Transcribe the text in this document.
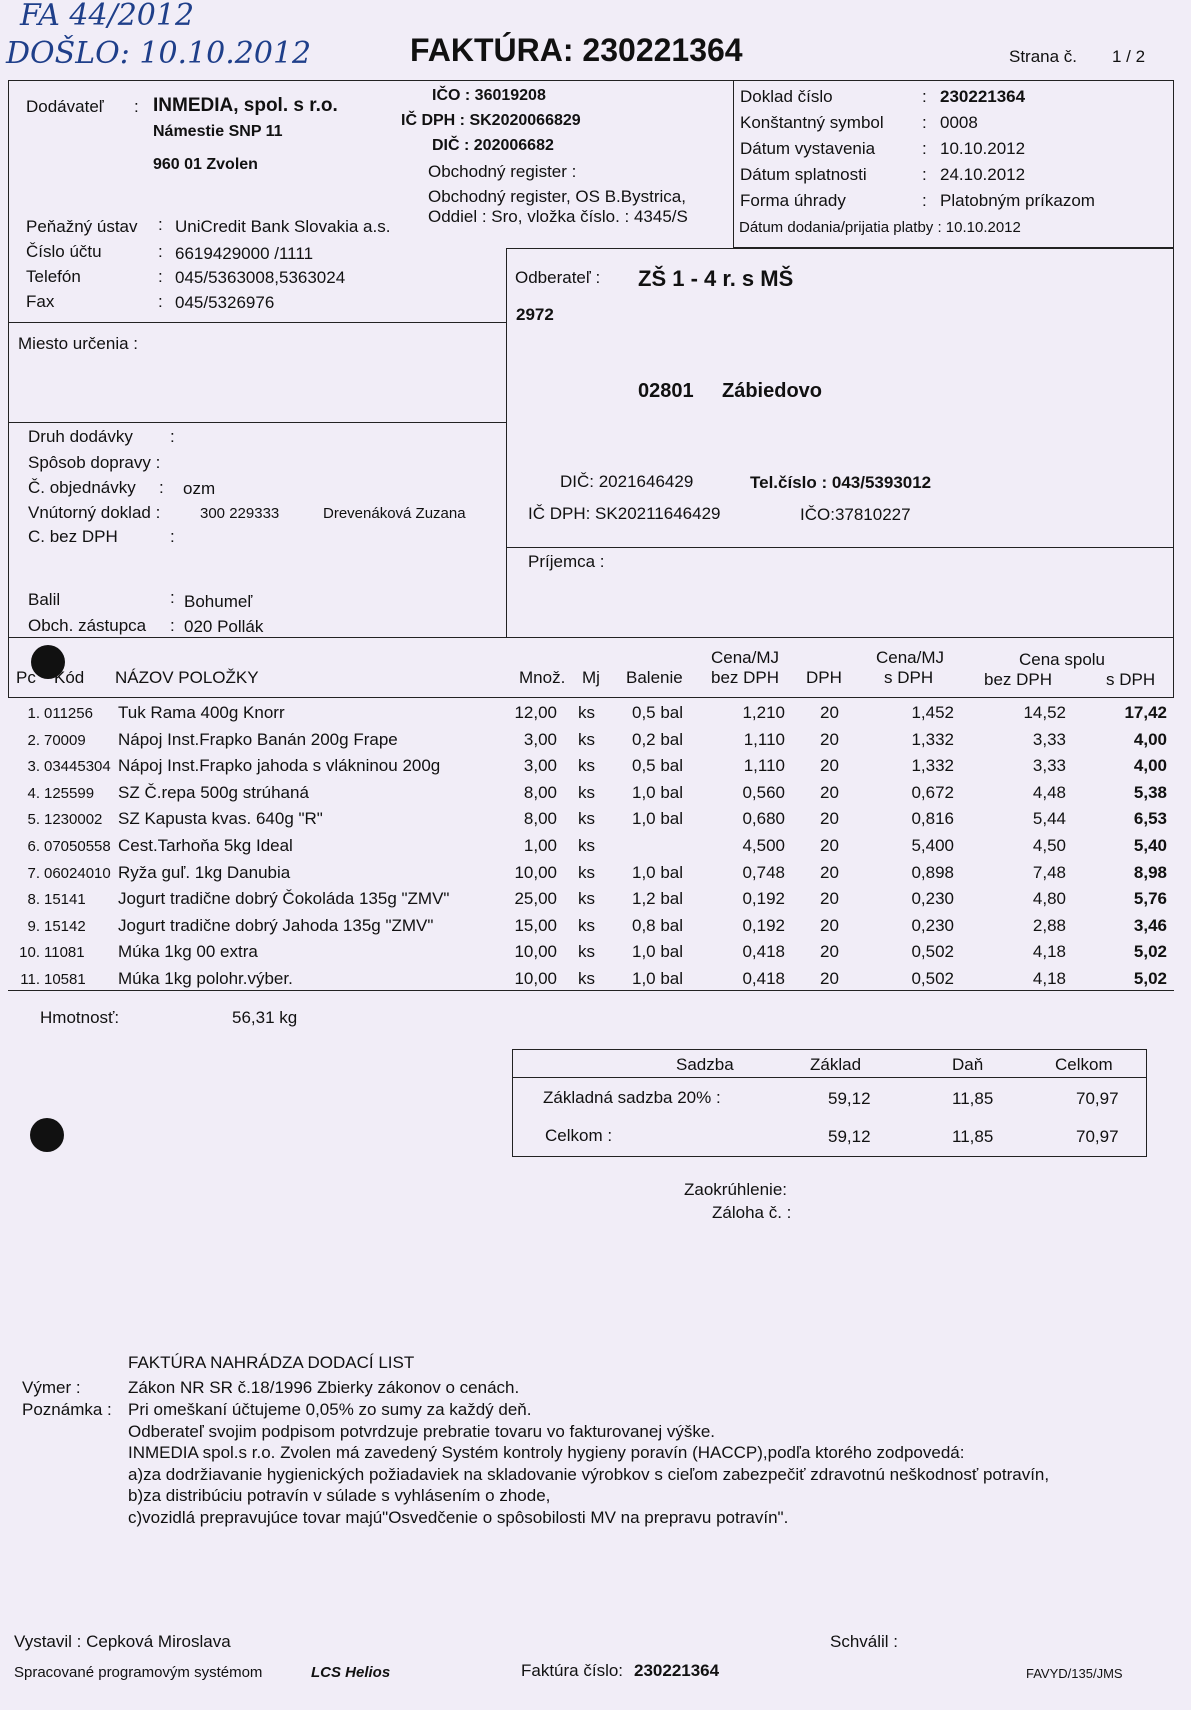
FA 44/2012
DOŠLO: 10.10.2012	FAKTÚRA: 230221364	Strana č. 1 / 2
Dodávateľ : INMEDIA, spol. s r.o.
Námestie SNP 11
960 01 Zvolen
IČO : 36019208
IČ DPH : SK2020066829
DIČ : 202006682
Obchodný register :
Obchodný register, OS B.Bystrica,
Oddiel : Sro, vložka číslo. : 4345/S
Peňažný ústav : UniCredit Bank Slovakia a.s.
Číslo účtu	: 6619429000 /1111
Telefón	: 045/5363008,5363024
Fax	: 045/5326976
Doklad číslo	: 230221364
Konštantný symbol : 0008
Dátum vystavenia	: 10.10.2012
Dátum splatnosti	: 24.10.2012
Forma úhrady	: Platobným príkazom
Dátum dodania/prijatia platby : 10.10.2012
Miesto určenia :
Odberateľ : ZŠ 1 - 4 r. s MŠ
2972
02801 Zábiedovo
DIČ: 2021646429	Tel.číslo : 043/5393012
IČ DPH: SK20211646429	IČO:37810227
Príjemca :
Druh dodávky :
Spôsob dopravy :
Č. objednávky : ozm
Vnútorný doklad :	300 229333	Drevenáková Zuzana
C. bez DPH	:
Balil	: Bohumeľ
Obch. zástupca : 020 Pollák
Pc Kód NÁZOV POLOŽKY	Množ. Mj Balenie
Cena/MJ
bez DPH DPH
Cena/MJ
s DPH
Cena spolu
bez DPH	s DPH
1. 011256 Tuk Rama 400g Knorr	12,00 ks 0,5 bal	1,210 20	1,452	14,52	17,42
2. 70009 Nápoj Inst.Frapko Banán 200g Frape	3,00 ks 0,2 bal	1,110 20	1,332	3,33	4,00
3. 03445304 Nápoj Inst.Frapko jahoda s vlákninou 200g	3,00 ks 0,5 bal	1,110 20	1,332	3,33	4,00
4. 125599 SZ Č.repa 500g strúhaná	8,00 ks 1,0 bal	0,560 20	0,672	4,48	5,38
5. 1230002 SZ Kapusta kvas. 640g "R"	8,00 ks 1,0 bal	0,680 20	0,816	5,44	6,53
6. 07050558 Cest.Tarhoňa 5kg Ideal	1,00 ks	4,500 20	5,400	4,50	5,40
7. 06024010 Ryža guľ. 1kg Danubia	10,00 ks 1,0 bal	0,748 20	0,898	7,48	8,98
8. 15141 Jogurt tradične dobrý Čokoláda 135g "ZMV"	25,00 ks 1,2 bal	0,192 20	0,230	4,80	5,76
9. 15142 Jogurt tradične dobrý Jahoda 135g "ZMV"	15,00 ks 0,8 bal	0,192 20	0,230	2,88	3,46
10. 11081 Múka 1kg 00 extra	10,00 ks 1,0 bal	0,418 20	0,502	4,18	5,02
11. 10581 Múka 1kg polohr.výber.	10,00 ks 1,0 bal	0,418 20	0,502	4,18	5,02
Hmotnosť:	56,31 kg
Sadzba	Základ	Daň	Celkom
Základná sadzba 20% :	59,12	11,85	70,97
Celkom :	59,12	11,85	70,97
Zaokrúhlenie:
Záloha č. :
FAKTÚRA NAHRÁDZA DODACÍ LIST
Výmer :	Zákon NR SR č.18/1996 Zbierky zákonov o cenách.
Poznámka : Pri omeškaní účtujeme 0,05% zo sumy za každý deň.
Odberateľ svojim podpisom potvrdzuje prebratie tovaru vo fakturovanej výške.
INMEDIA spol.s r.o. Zvolen má zavedený Systém kontroly hygieny poravín (HACCP),podľa ktorého zodpovedá:
a)za dodržiavanie hygienických požiadaviek na skladovanie výrobkov s cieľom zabezpečiť zdravotnú neškodnosť potravín,
b)za distribúciu potravín v súlade s vyhlásením o zhode,
c)vozidlá prepravujúce tovar majú"Osvedčenie o spôsobilosti MV na prepravu potravín".
Vystavil : Cepková Miroslava	Schválil :
Spracované programovým systémom	LCS Helios	Faktúra číslo: 230221364	FAVYD/135/JMS
